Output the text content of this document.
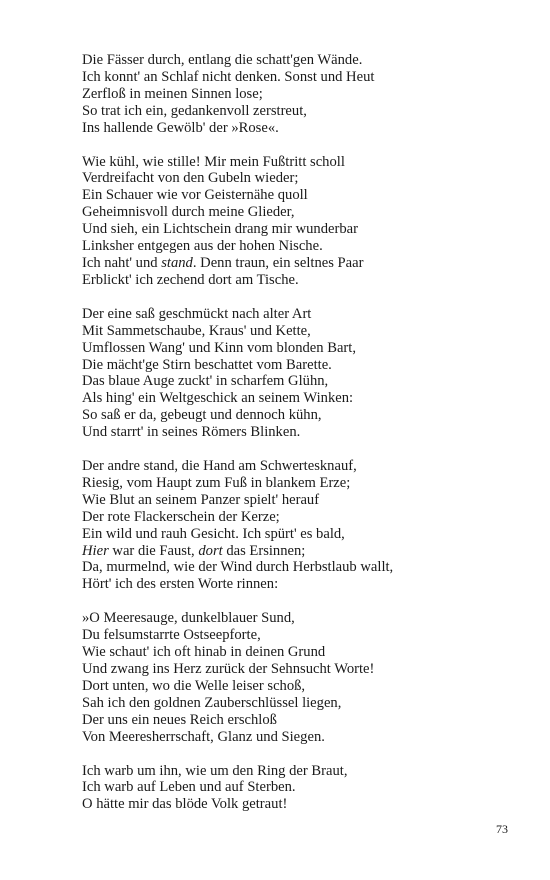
Die Fässer durch, entlang die schatt'gen Wände.
Ich konnt' an Schlaf nicht denken. Sonst und Heut
Zerfloß in meinen Sinnen lose;
So trat ich ein, gedankenvoll zerstreut,
Ins hallende Gewölb' der »Rose«.
Wie kühl, wie stille! Mir mein Fußtritt scholl
Verdreifacht von den Gubeln wieder;
Ein Schauer wie vor Geisternähe quoll
Geheimnisvoll durch meine Glieder,
Und sieh, ein Lichtschein drang mir wunderbar
Linksher entgegen aus der hohen Nische.
Ich naht' und stand. Denn traun, ein seltnes Paar
Erblickt' ich zechend dort am Tische.
Der eine saß geschmückt nach alter Art
Mit Sammetschaube, Kraus' und Kette,
Umflossen Wang' und Kinn vom blonden Bart,
Die mächt'ge Stirn beschattet vom Barette.
Das blaue Auge zuckt' in scharfem Glühn,
Als hing' ein Weltgeschick an seinem Winken:
So saß er da, gebeugt und dennoch kühn,
Und starrt' in seines Römers Blinken.
Der andre stand, die Hand am Schwertesknauf,
Riesig, vom Haupt zum Fuß in blankem Erze;
Wie Blut an seinem Panzer spielt' herauf
Der rote Flackerschein der Kerze;
Ein wild und rauh Gesicht. Ich spürt' es bald,
Hier war die Faust, dort das Ersinnen;
Da, murmelnd, wie der Wind durch Herbstlaub wallt,
Hört' ich des ersten Worte rinnen:
»O Meeresauge, dunkelblauer Sund,
Du felsumstarrte Ostseepforte,
Wie schaut' ich oft hinab in deinen Grund
Und zwang ins Herz zurück der Sehnsucht Worte!
Dort unten, wo die Welle leiser schoß,
Sah ich den goldnen Zauberschlüssel liegen,
Der uns ein neues Reich erschloß
Von Meeresherrschaft, Glanz und Siegen.
Ich warb um ihn, wie um den Ring der Braut,
Ich warb auf Leben und auf Sterben.
O hätte mir das blöde Volk getraut!
73
